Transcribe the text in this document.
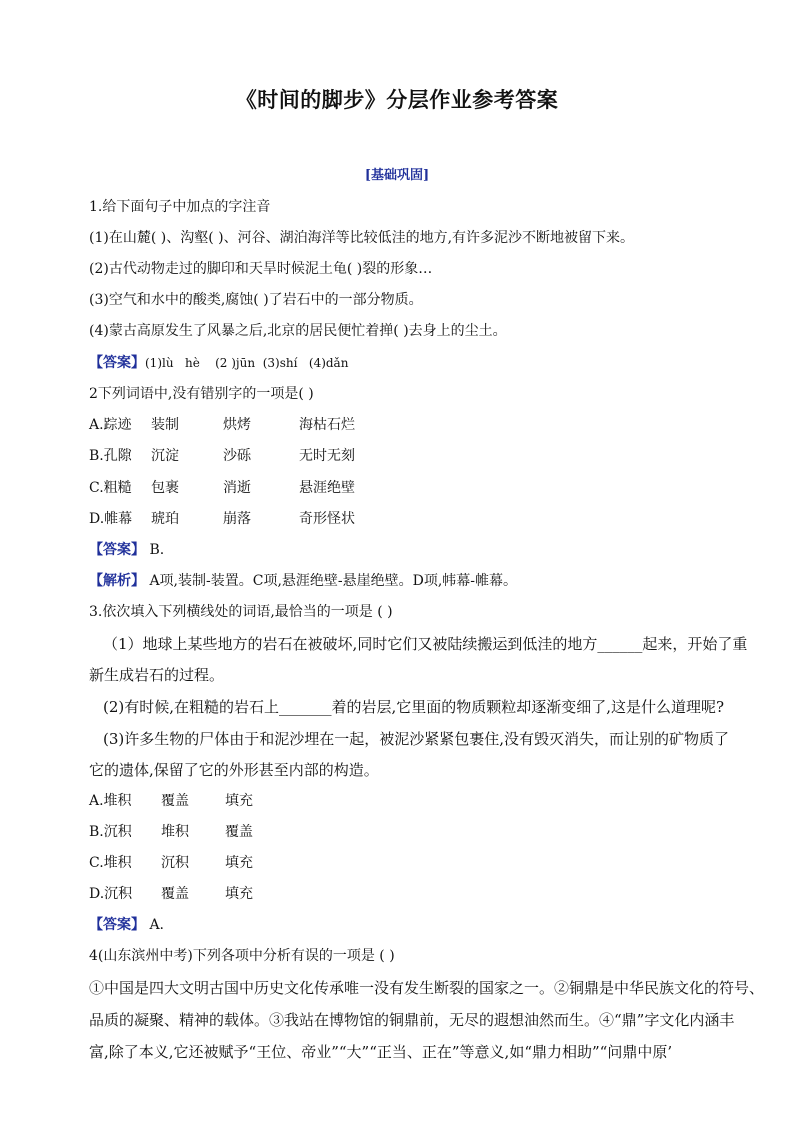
《时间的脚步》分层作业参考答案
[基础巩固]
1.给下面句子中加点的字注音
(1)在山麓( )、沟壑( )、河谷、湖泊海洋等比较低洼的地方,有许多泥沙不断地被留下来。
(2)古代动物走过的脚印和天旱时候泥土龟( )裂的形象…
(3)空气和水中的酸类,腐蚀( )了岩石中的一部分物质。
(4)蒙古高原发生了风暴之后,北京的居民便忙着掸( )去身上的尘土。
【答案】(1)lù   hè    (2 )jūn  (3)shí   (4)dǎn
2下列词语中,没有错别字的一项是( )
A.踪迹 装制	烘烤	海枯石烂
B.孔隙 沉淀	沙砾	无时无刻
C.粗糙 包裹	消逝	悬涯绝壁
D.帷幕 琥珀	崩落	奇形怪状
【答案】 B.
【解析】 A项,装制-装置。C项,悬涯绝壁-悬崖绝壁。D项,帏幕-帷幕。
3.依次填入下列横线处的词语,最恰当的一项是 ( )
（1）地球上某些地方的岩石在被破坏,同时它们又被陆续搬运到低洼的地方______起来，开始了重
新生成岩石的过程。
(2)有时候,在粗糙的岩石上_______着的岩层,它里面的物质颗粒却逐渐变细了,这是什么道理呢?
(3)许多生物的尸体由于和泥沙埋在一起，被泥沙紧紧包裹住,没有毁灭消失，而让别的矿物质了
它的遗体,保留了它的外形甚至内部的构造。
A.堆积 覆盖	填充
B.沉积 堆积	覆盖
C.堆积 沉积	填充
D.沉积 覆盖	填充
【答案】 A.
4(山东滨州中考)下列各项中分析有误的一项是 ( )
①中国是四大文明古国中历史文化传承唯一没有发生断裂的国家之一。②铜鼎是中华民族文化的符号、
品质的凝聚、精神的载体。③我站在博物馆的铜鼎前，无尽的遐想油然而生。④“鼎”字文化内涵丰
富,除了本义,它还被赋予“王位、帝业”“大”“正当、正在”等意义,如“鼎力相助”“问鼎中原’
